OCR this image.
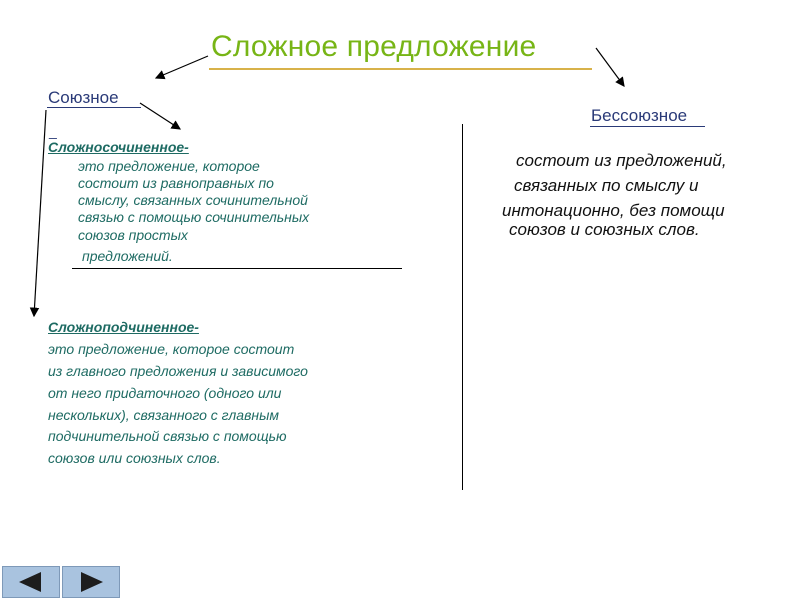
Сложное предложение
Союзное
_
Сложносочиненное-
это предложение, которое
состоит из равноправных по
смыслу, связанных сочинительной
связью с помощью сочинительных
союзов простых
предложений.
Сложноподчиненное-
это предложение, которое состоит
из главного предложения и зависимого
от него придаточного (одного или
нескольких), связанного с главным
подчинительной связью с помощью
союзов или союзных слов.
Бессоюзное
состоит из предложений,
связанных по смыслу и
интонационно, без помощи
союзов и союзных слов.
